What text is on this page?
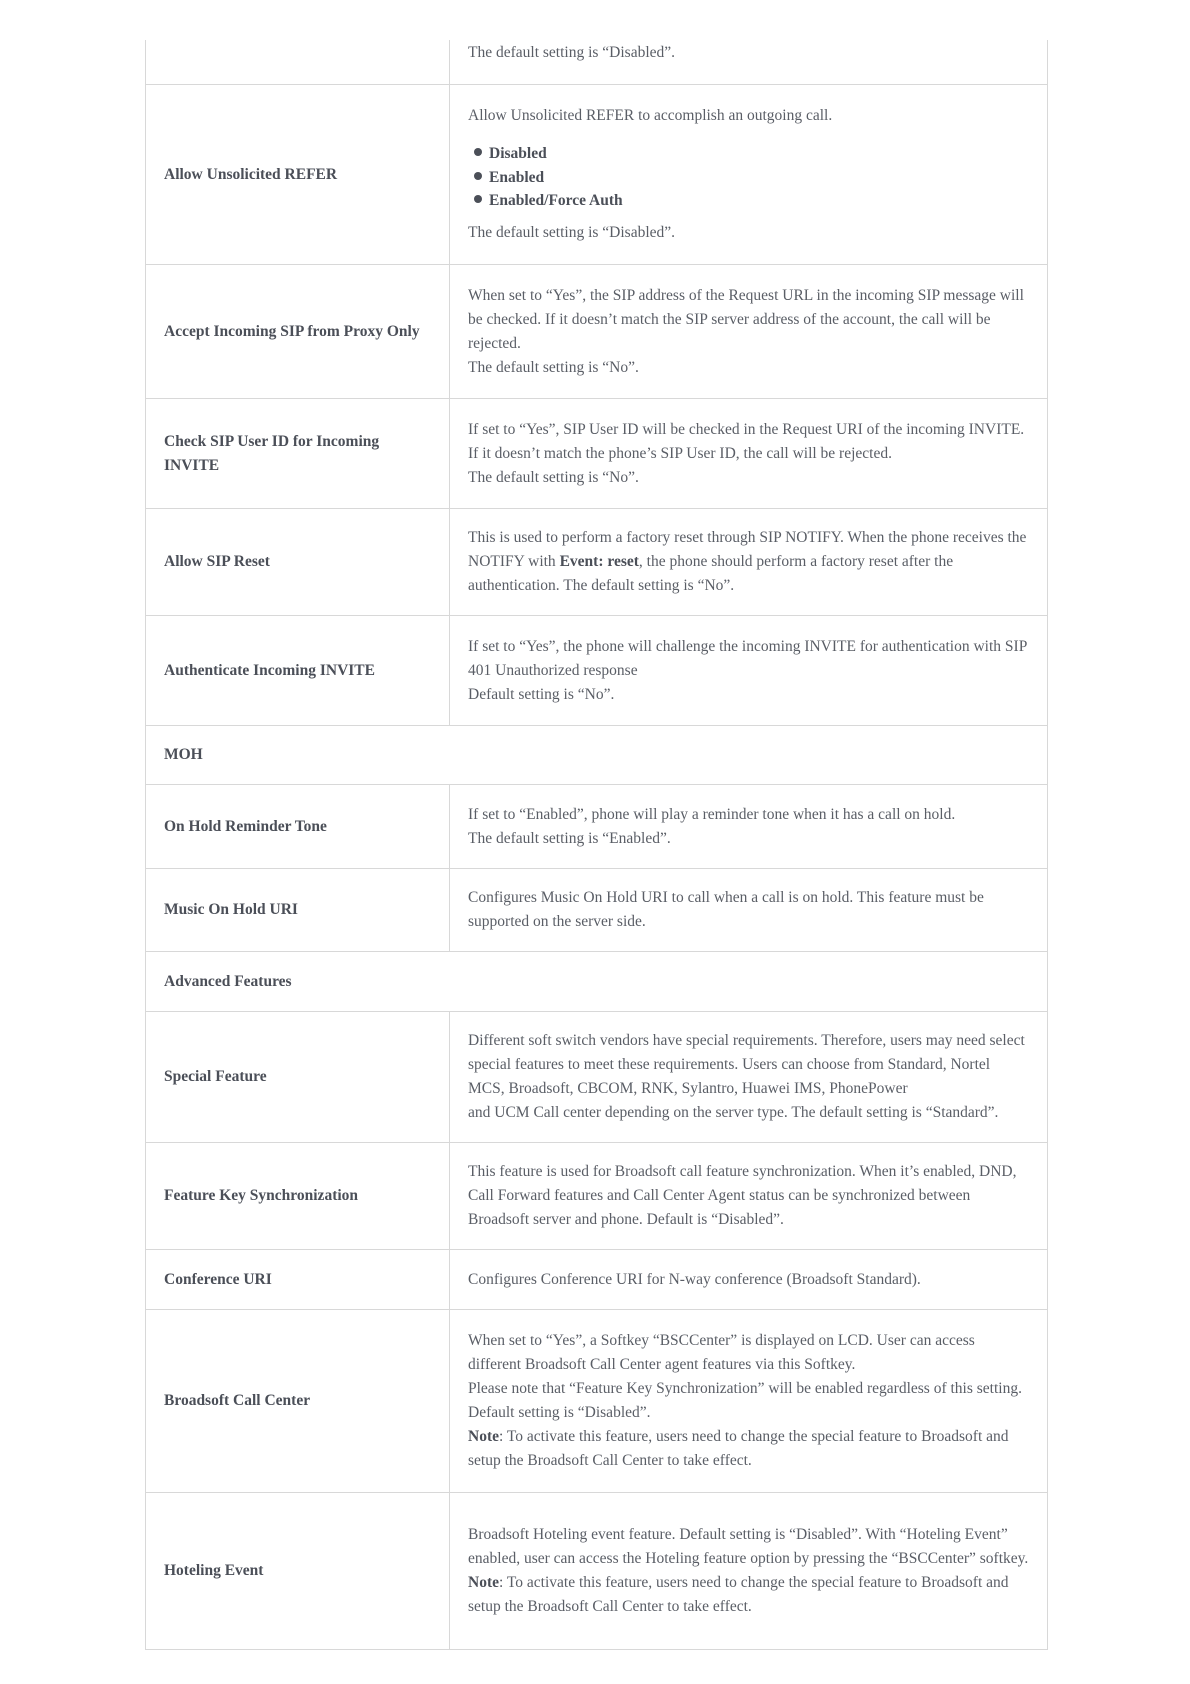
The default setting is “Disabled”.

Allow Unsolicited REFER

Allow Unsolicited REFER to accomplish an outgoing call.

Disabled
Enabled
Enabled/Force Auth

The default setting is “Disabled”.

Accept Incoming SIP from Proxy Only

When set to “Yes”, the SIP address of the Request URL in the incoming SIP message will be checked. If it doesn’t match the SIP server address of the account, the call will be rejected.

The default setting is “No”.

Check SIP User ID for Incoming INVITE

If set to “Yes”, SIP User ID will be checked in the Request URI of the incoming INVITE. If it doesn’t match the phone’s SIP User ID, the call will be rejected.

The default setting is “No”.

Allow SIP Reset

This is used to perform a factory reset through SIP NOTIFY. When the phone receives the NOTIFY with Event: reset, the phone should perform a factory reset after the authentication. The default setting is “No”.

Authenticate Incoming INVITE

If set to “Yes”, the phone will challenge the incoming INVITE for authentication with SIP 401 Unauthorized response

Default setting is “No”.

MOH
On Hold Reminder Tone

If set to “Enabled”, phone will play a reminder tone when it has a call on hold.

The default setting is “Enabled”.

Music On Hold URI

Configures Music On Hold URI to call when a call is on hold. This feature must be supported on the server side.

Advanced Features
Special Feature

Different soft switch vendors have special requirements. Therefore, users may need select special features to meet these requirements. Users can choose from Standard, Nortel MCS, Broadsoft, CBCOM, RNK, Sylantro, Huawei IMS, PhonePower

and UCM Call center depending on the server type. The default setting is “Standard”.

Feature Key Synchronization

This feature is used for Broadsoft call feature synchronization. When it’s enabled, DND, Call Forward features and Call Center Agent status can be synchronized between Broadsoft server and phone. Default is “Disabled”.

Conference URI	Configures Conference URI for N-way conference (Broadsoft Standard).

Broadsoft Call Center

When set to “Yes”, a Softkey “BSCCenter” is displayed on LCD. User can access different Broadsoft Call Center agent features via this Softkey.

Please note that “Feature Key Synchronization” will be enabled regardless of this setting. Default setting is “Disabled”.

Note: To activate this feature, users need to change the special feature to Broadsoft and setup the Broadsoft Call Center to take effect.

Hoteling Event

Broadsoft Hoteling event feature. Default setting is “Disabled”. With “Hoteling Event” enabled, user can access the Hoteling feature option by pressing the “BSCCenter” softkey.

Note: To activate this feature, users need to change the special feature to Broadsoft and setup the Broadsoft Call Center to take effect.
